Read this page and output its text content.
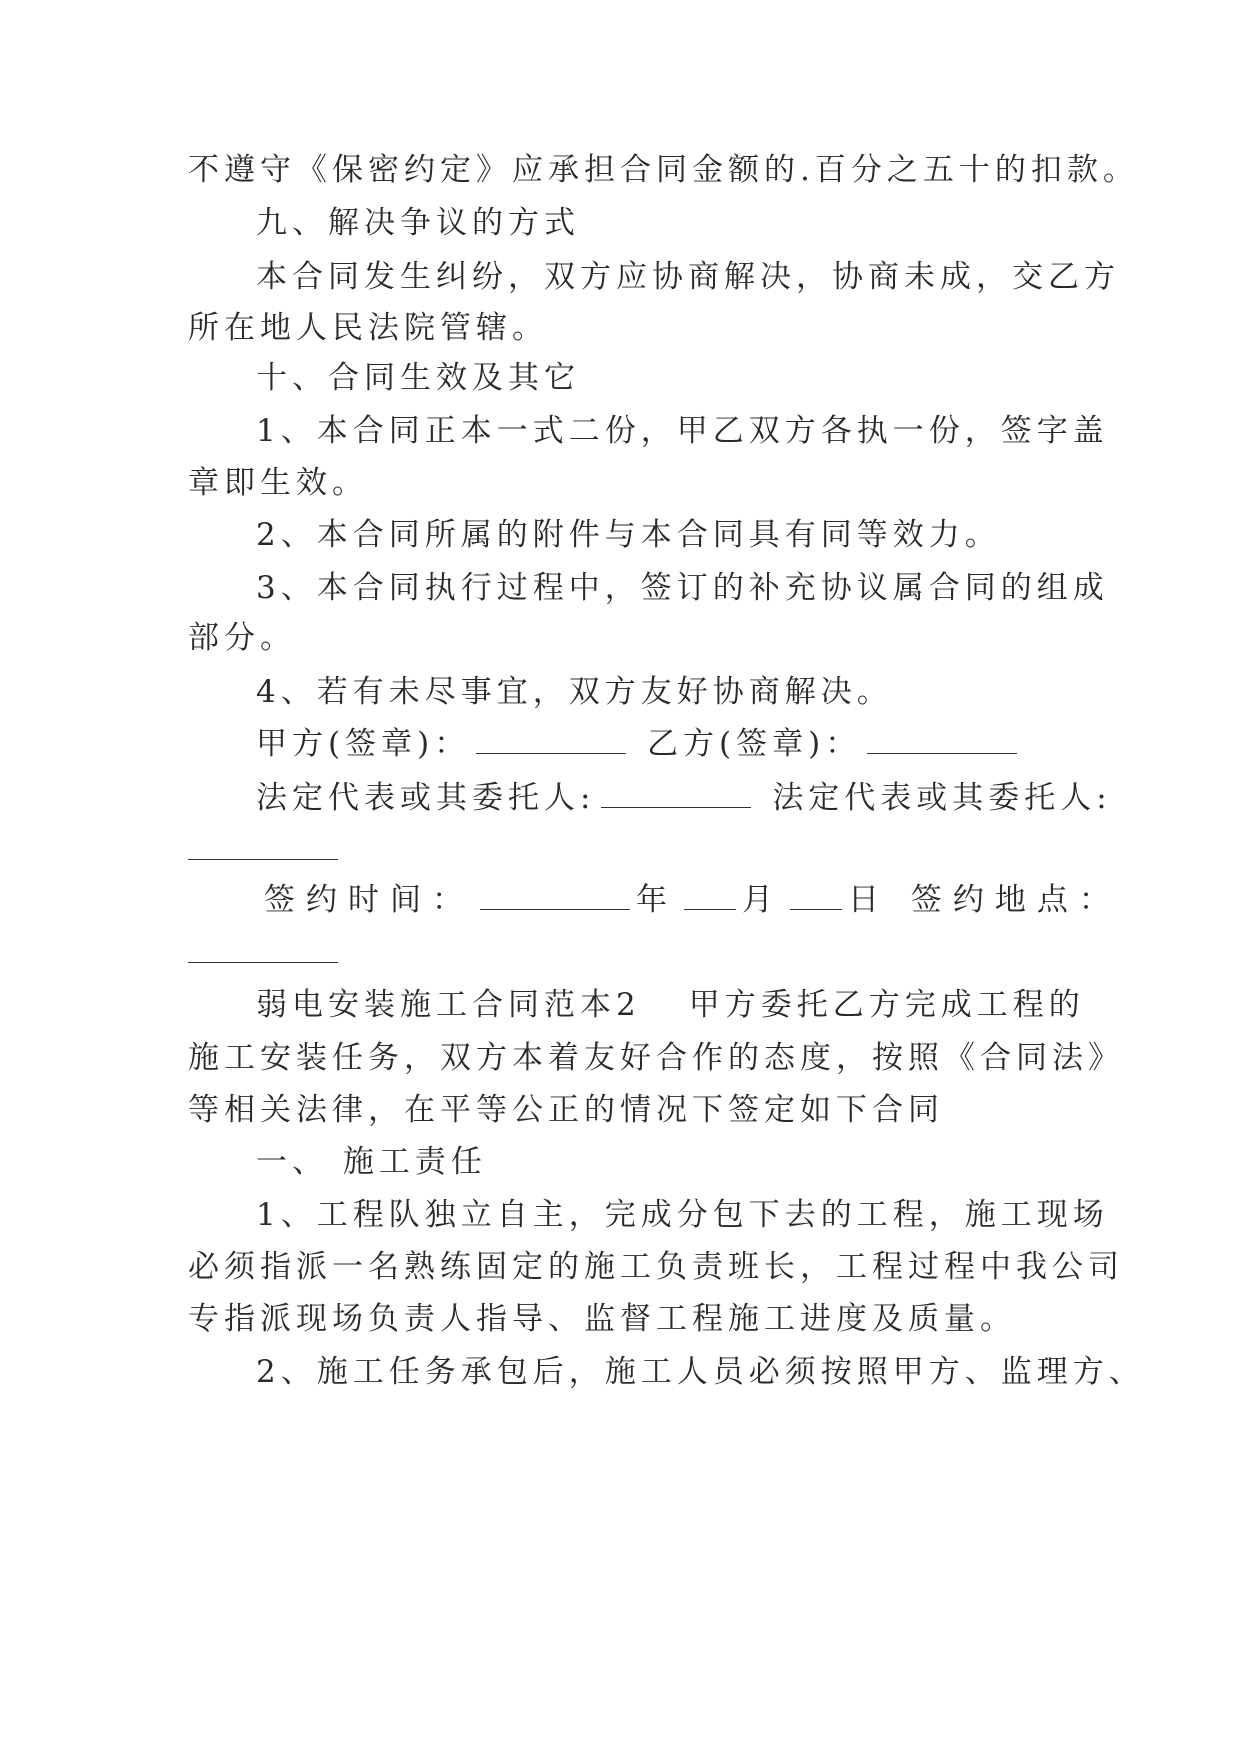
不遵守《保密约定》应承担合同金额的.百分之五十的扣款。
九、解决争议的方式
本合同发生纠纷，双方应协商解决，协商未成，交乙方
所在地人民法院管辖。
十、合同生效及其它
1、本合同正本一式二份，甲乙双方各执一份，签字盖
章即生效。
2、本合同所属的附件与本合同具有同等效力。
3、本合同执行过程中，签订的补充协议属合同的组成
部分。
4、若有未尽事宜，双方友好协商解决。
甲方(签章)：	乙方(签章)：
法定代表或其委托人:	法定代表或其委托人:
签约时间：	年 月 日 签约地点：
弱电安装施工合同范本2 甲方委托乙方完成工程的
施工安装任务，双方本着友好合作的态度，按照《合同法》
等相关法律，在平等公正的情况下签定如下合同
一、 施工责任
1、工程队独立自主，完成分包下去的工程，施工现场
必须指派一名熟练固定的施工负责班长，工程过程中我公司
专指派现场负责人指导、监督工程施工进度及质量。
2、施工任务承包后，施工人员必须按照甲方、监理方、
